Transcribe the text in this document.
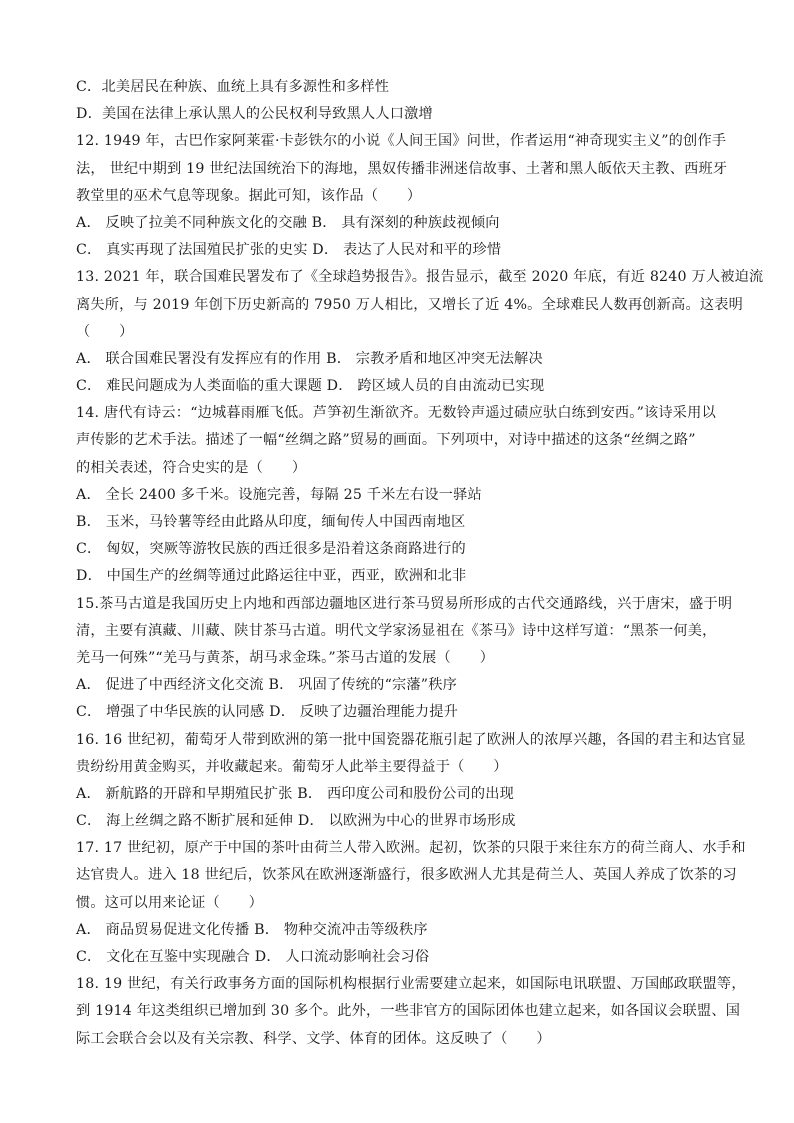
C．北美居民在种族、血统上具有多源性和多样性
D．美国在法律上承认黑人的公民权利导致黑人人口激增
12. 1949 年，古巴作家阿莱霍·卡彭铁尔的小说《人间王国》问世，作者运用“神奇现实主义”的创作手
法， 世纪中期到 19 世纪法国统治下的海地，黑奴传播非洲迷信故事、土著和黑人皈依天主教、西班牙
教堂里的巫术气息等现象。据此可知，该作品（　　）
A． 反映了拉美不同种族文化的交融 B． 具有深刻的种族歧视倾向
C． 真实再现了法国殖民扩张的史实 D． 表达了人民对和平的珍惜
13. 2021 年，联合国难民署发布了《全球趋势报告》。报告显示，截至 2020 年底，有近 8240 万人被迫流
离失所，与 2019 年创下历史新高的 7950 万人相比，又增长了近 4%。全球难民人数再创新高。这表明
（　　）
A． 联合国难民署没有发挥应有的作用 B． 宗教矛盾和地区冲突无法解决
C． 难民问题成为人类面临的重大课题 D． 跨区域人员的自由流动已实现
14. 唐代有诗云：“边城暮雨雁飞低。芦笋初生渐欲齐。无数铃声遥过碛应驮白练到安西。”该诗采用以
声传影的艺术手法。描述了一幅“丝绸之路”贸易的画面。下列项中，对诗中描述的这条“丝绸之路”
的相关表述，符合史实的是（　　）
A． 全长 2400 多千米。设施完善，每隔 25 千米左右设一驿站
B． 玉米，马铃薯等经由此路从印度，缅甸传人中国西南地区
C． 匈奴，突厥等游牧民族的西迁很多是沿着这条商路进行的
D． 中国生产的丝绸等通过此路运往中亚，西亚，欧洲和北非
15.茶马古道是我国历史上内地和西部边疆地区进行茶马贸易所形成的古代交通路线，兴于唐宋，盛于明
清，主要有滇藏、川藏、陕甘茶马古道。明代文学家汤显祖在《茶马》诗中这样写道：“黑茶一何美，
羌马一何殊”“羌马与黄茶，胡马求金珠。”茶马古道的发展（　　）
A． 促进了中西经济文化交流 B． 巩固了传统的“宗藩”秩序
C． 增强了中华民族的认同感 D． 反映了边疆治理能力提升
16. 16 世纪初，葡萄牙人带到欧洲的第一批中国瓷器花瓶引起了欧洲人的浓厚兴趣，各国的君主和达官显
贵纷纷用黄金购买，并收藏起来。葡萄牙人此举主要得益于（　　）
A． 新航路的开辟和早期殖民扩张 B． 西印度公司和股份公司的出现
C． 海上丝绸之路不断扩展和延伸 D． 以欧洲为中心的世界市场形成
17. 17 世纪初，原产于中国的茶叶由荷兰人带入欧洲。起初，饮茶的只限于来往东方的荷兰商人、水手和
达官贵人。进入 18 世纪后，饮茶风在欧洲逐渐盛行，很多欧洲人尤其是荷兰人、英国人养成了饮茶的习
惯。这可以用来论证（　　）
A． 商品贸易促进文化传播 B． 物种交流冲击等级秩序
C． 文化在互鉴中实现融合 D． 人口流动影响社会习俗
18. 19 世纪，有关行政事务方面的国际机构根据行业需要建立起来，如国际电讯联盟、万国邮政联盟等，
到 1914 年这类组织已增加到 30 多个。此外，一些非官方的国际团体也建立起来，如各国议会联盟、国
际工会联合会以及有关宗教、科学、文学、体育的团体。这反映了（　　）
